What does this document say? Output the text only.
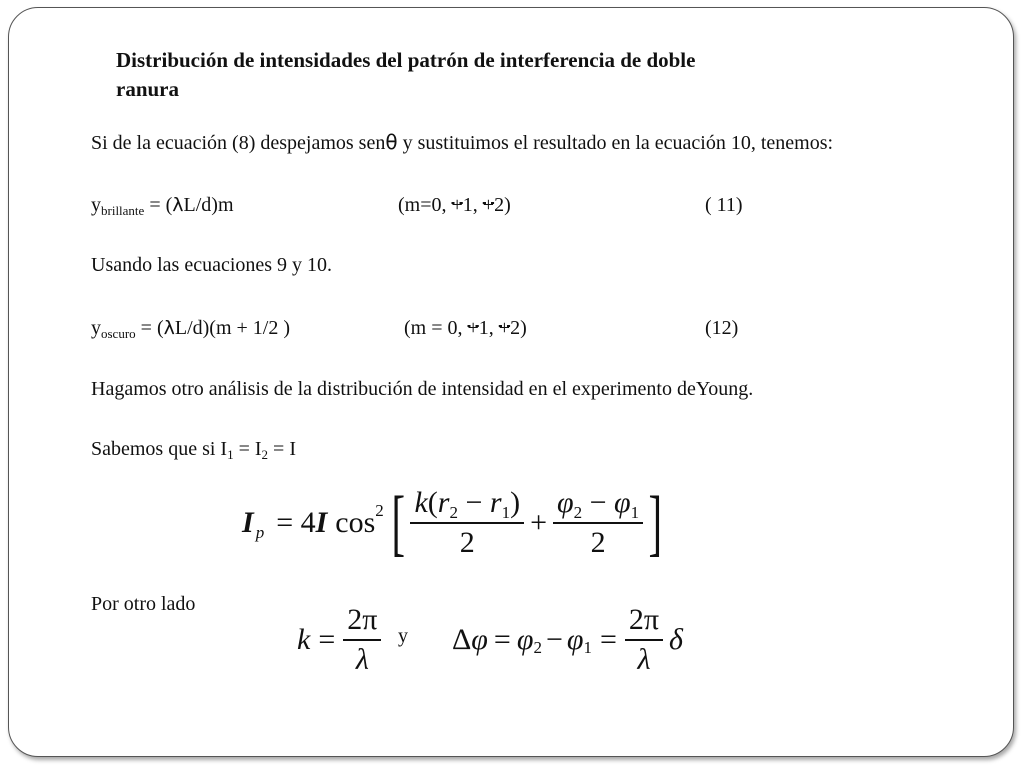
Distribución de intensidades del patrón de interferencia de doble
ranura
Si de la ecuación (8) despejamos senθ y sustituimos el resultado en la ecuación 10, tenemos:
$y_{brillante} = (\lambda L/d)m$	(m=0, +1, +2)	( 11)
Usando las ecuaciones 9 y 10.
$y_{oscuro} = (\lambda L/d)(m + 1/2$ )	(m = 0, +1, +2)	(12)
Hagamos otro análisis de la distribución de intensidad en el experimento deYoung.
Sabemos que si $I_1 = I_2 = I$
I p = 4 I cos 2 [ $\frac{k(r_2 - r_1)}{2} + \frac{\varphi_2 - \varphi_1}{2}$ ]
Por otro lado
$k = \frac{2\pi}{\lambda}$ y Δ φ = φ 2 − φ $1 = \frac{2\pi}{\lambda}$ δ
